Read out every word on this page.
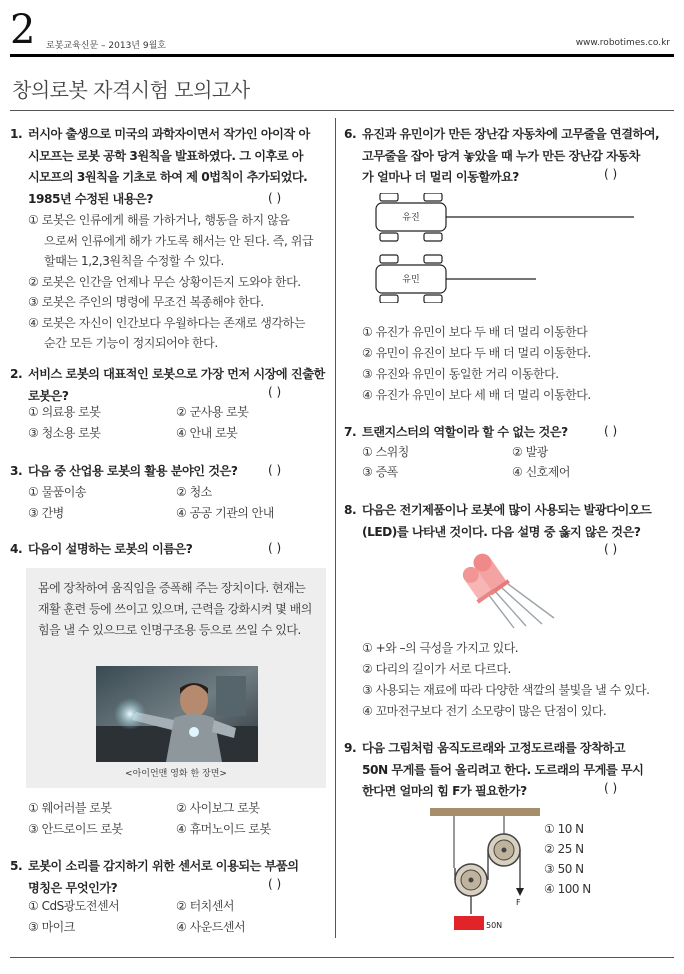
2 로봇교육신문 – 2013년 9월호	www.robotimes.co.kr
창의로봇 자격시험 모의고사
1. 러시아 출생으로 미국의 과학자이면서 작가인 아이작 아
시모프는 로봇 공학 3원칙을 발표하였다. 그 이후로 아
시모프의 3원칙을 기초로 하여 제 0법칙이 추가되었다.
1985년 수정된 내용은?	( )
① 로봇은 인류에게 해를 가하거나, 행동을 하지 않음
으로써 인류에게 해가 가도록 해서는 안 된다. 즉, 위급
할때는 1,2,3원칙을 수정할 수 있다.
② 로봇은 인간을 언제나 무슨 상황이든지 도와야 한다.
③ 로봇은 주인의 명령에 무조건 복종해야 한다.
④ 로봇은 자신이 인간보다 우월하다는 존재로 생각하는
순간 모든 기능이 정지되어야 한다.
2. 서비스 로봇의 대표적인 로봇으로 가장 먼저 시장에 진출한
로봇은?	( )
① 의료용 로봇	② 군사용 로봇
③ 청소용 로봇	④ 안내 로봇
3. 다음 중 산업용 로봇의 활용 분야인 것은?	( )
① 물품이송	② 청소
③ 간병	④ 공공 기관의 안내
4. 다음이 설명하는 로봇의 이름은?	( )
몸에 장착하여 움직임을 증폭해 주는 장치이다. 현재는 재활 훈련 등에 쓰이고 있으며, 근력을 강화시켜 몇 배의 힘을 낼 수 있으므로 인명구조용 등으로 쓰일 수 있다.
<아이언맨 영화 한 장면>
① 웨어러블 로봇	② 사이보그 로봇
③ 안드로이드 로봇	④ 휴머노이드 로봇
5. 로봇이 소리를 감지하기 위한 센서로 이용되는 부품의
명칭은 무엇인가?	( )
① CdS광도전센서	② 터치센서
③ 마이크	④ 사운드센서
6. 유진과 유민이가 만든 장난감 자동차에 고무줄을 연결하여,
고무줄을 잡아 당겨 놓았을 때 누가 만든 장난감 자동차
가 얼마나 더 멀리 이동할까요?	( )
유진
유민
① 유진가 유민이 보다 두 배 더 멀리 이동한다
② 유민이 유진이 보다 두 배 더 멀리 이동한다.
③ 유진와 유민이 동일한 거리 이동한다.
④ 유진가 유민이 보다 세 배 더 멀리 이동한다.
7. 트랜지스터의 역할이라 할 수 없는 것은?	( )
① 스위칭	② 발광
③ 증폭	④ 신호제어
8. 다음은 전기제품이나 로봇에 많이 사용되는 발광다이오드
(LED)를 나타낸 것이다. 다음 설명 중 옳지 않은 것은?
( )
① +와 –의 극성을 가지고 있다.
② 다리의 길이가 서로 다르다.
③ 사용되는 재료에 따라 다양한 색깔의 불빛을 낼 수 있다.
④ 꼬마전구보다 전기 소모량이 많은 단점이 있다.
9. 다음 그림처럼 움직도르래와 고정도르래를 장착하고
50N 무게를 들어 올리려고 한다. 도르래의 무게를 무시
한다면 얼마의 힘 F가 필요한가?	( )
F
50N
① 10 N
② 25 N
③ 50 N
④ 100 N
